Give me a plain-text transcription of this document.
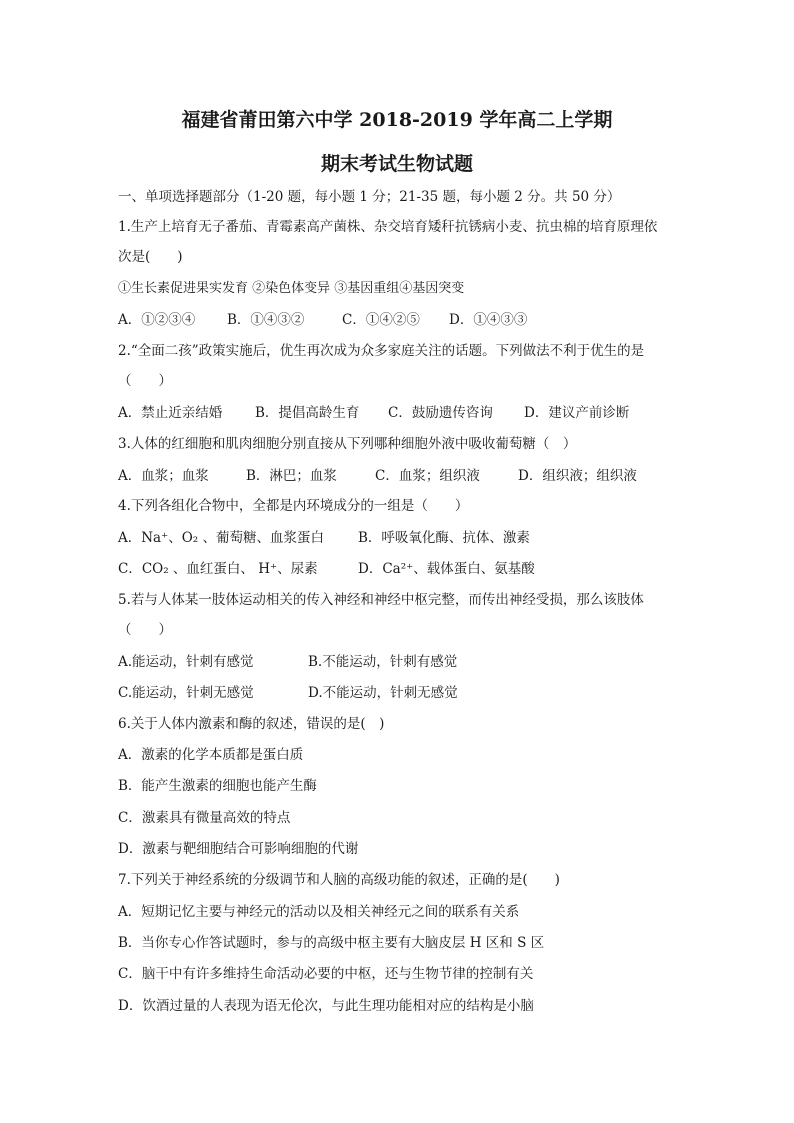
福建省莆田第六中学 2018-2019 学年高二上学期
期末考试生物试题
一、单项选择题部分（1-20 题，每小题 1 分；21-35 题，每小题 2 分。共 50 分）
1.生产上培育无子番茄、青霉素高产菌株、杂交培育矮秆抗锈病小麦、抗虫棉的培育原理依
次是(　　)
①生长素促进果实发育 ②染色体变异 ③基因重组④基因突变
A．①②③④ B．①④③②	C．①④②⑤ D．①④③③
2.“全面二孩”政策实施后，优生再次成为众多家庭关注的话题。下列做法不利于优生的是
（　　）
A．禁止近亲结婚 B．提倡高龄生育 C．鼓励遗传咨询 D．建议产前诊断
3.人体的红细胞和肌肉细胞分别直接从下列哪种细胞外液中吸收葡萄糖（　）
A．血浆；血浆	B．淋巴；血浆	C．血浆；组织液	D．组织液；组织液
4.下列各组化合物中，全都是内环境成分的一组是（　　）
A．Na⁺、O₂ 、葡萄糖、血浆蛋白	B．呼吸氧化酶、抗体、激素
C．CO₂ 、血红蛋白、 H⁺、尿素	D．Ca²⁺、载体蛋白、氨基酸
5.若与人体某一肢体运动相关的传入神经和神经中枢完整，而传出神经受损，那么该肢体
（　　）
A.能运动，针刺有感觉	B.不能运动，针刺有感觉
C.能运动，针刺无感觉	D.不能运动，针刺无感觉
6.关于人体内激素和酶的叙述，错误的是(　)
A．激素的化学本质都是蛋白质
B．能产生激素的细胞也能产生酶
C．激素具有微量高效的特点
D．激素与靶细胞结合可影响细胞的代谢
7.下列关于神经系统的分级调节和人脑的高级功能的叙述，正确的是(　　)
A．短期记忆主要与神经元的活动以及相关神经元之间的联系有关系
B．当你专心作答试题时，参与的高级中枢主要有大脑皮层 H 区和 S 区
C．脑干中有许多维持生命活动必要的中枢，还与生物节律的控制有关
D．饮酒过量的人表现为语无伦次，与此生理功能相对应的结构是小脑
